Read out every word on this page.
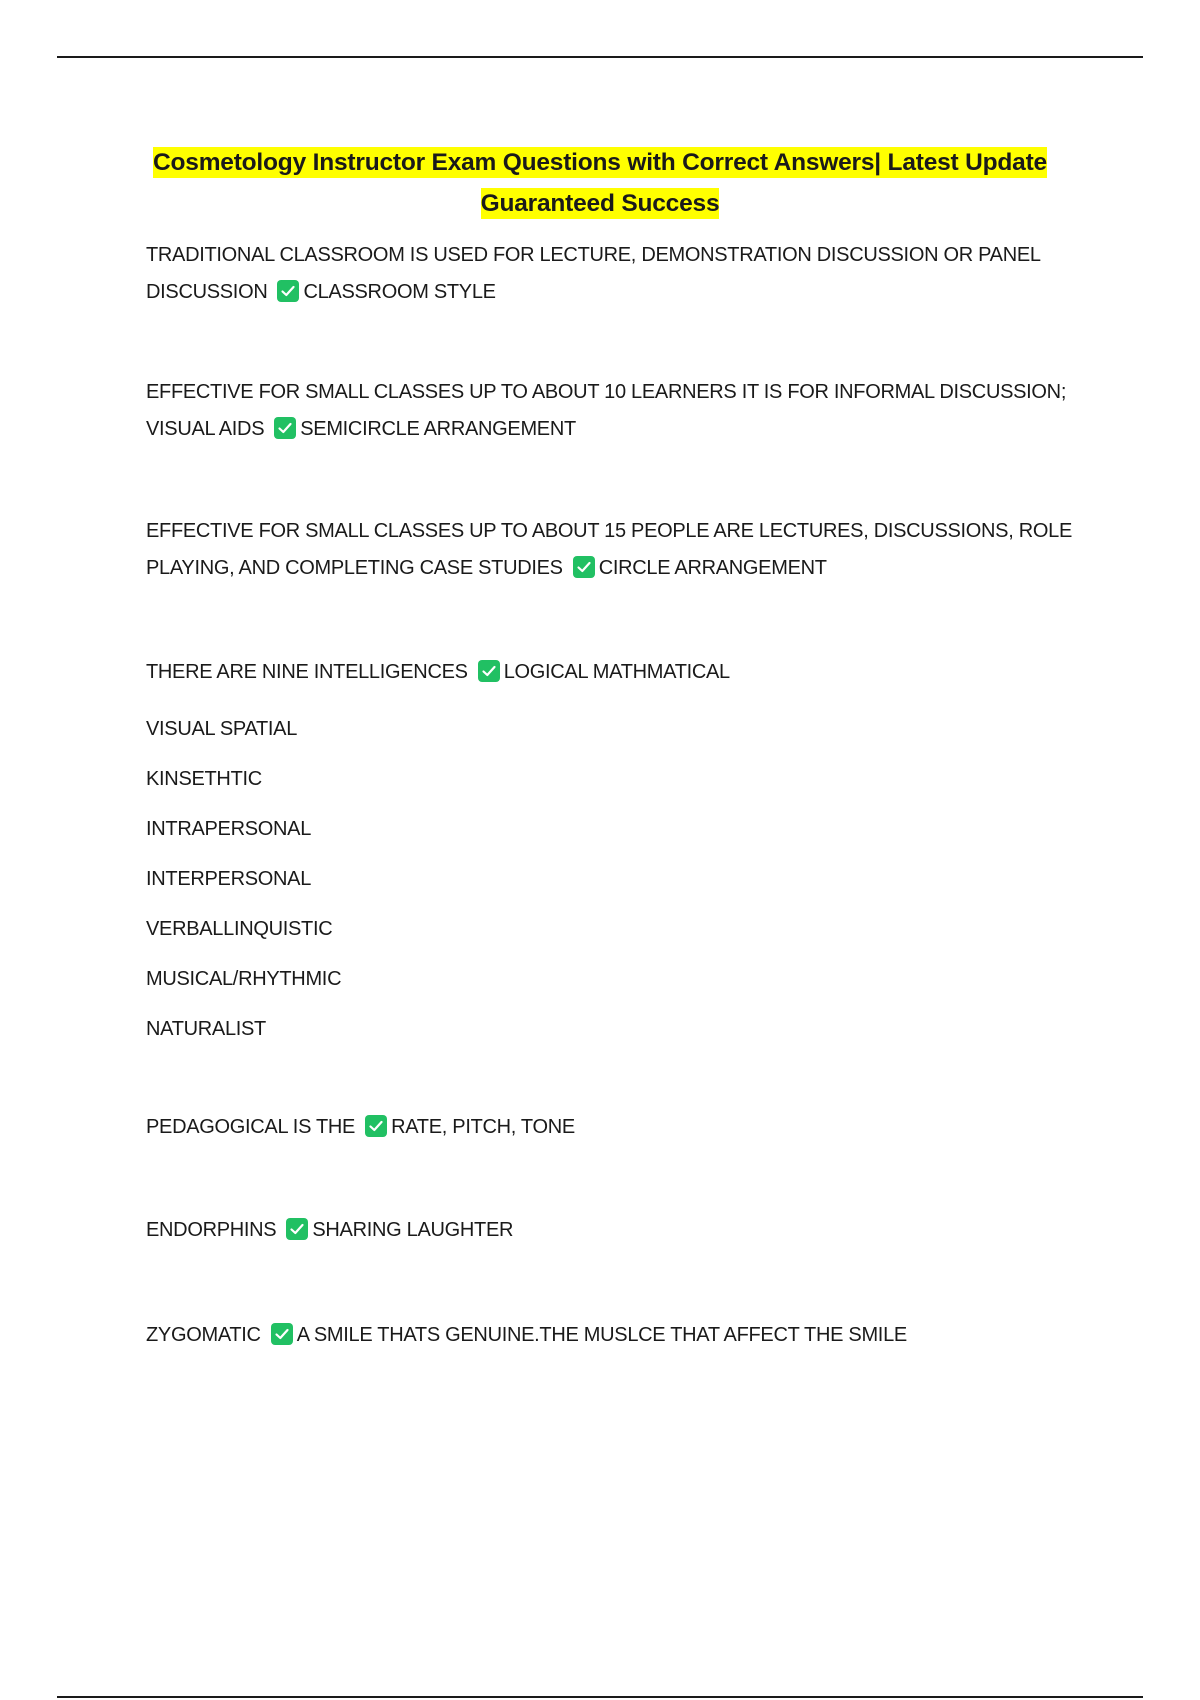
Cosmetology Instructor Exam Questions with Correct Answers| Latest Update
Guaranteed Success

TRADITIONAL CLASSROOM IS USED FOR LECTURE, DEMONSTRATION DISCUSSION OR PANEL

DISCUSSION CLASSROOM STYLE

EFFECTIVE FOR SMALL CLASSES UP TO ABOUT 10 LEARNERS IT IS FOR INFORMAL DISCUSSION;

VISUAL AIDS SEMICIRCLE ARRANGEMENT

EFFECTIVE FOR SMALL CLASSES UP TO ABOUT 15 PEOPLE ARE LECTURES, DISCUSSIONS, ROLE

PLAYING, AND COMPLETING CASE STUDIES CIRCLE ARRANGEMENT

THERE ARE NINE INTELLIGENCES LOGICAL MATHMATICAL

VISUAL SPATIAL
KINSETHTIC
INTRAPERSONAL
INTERPERSONAL
VERBALLINQUISTIC
MUSICAL/RHYTHMIC
NATURALIST

PEDAGOGICAL IS THE RATE, PITCH, TONE

ENDORPHINS SHARING LAUGHTER

ZYGOMATIC A SMILE THATS GENUINE.THE MUSLCE THAT AFFECT THE SMILE
